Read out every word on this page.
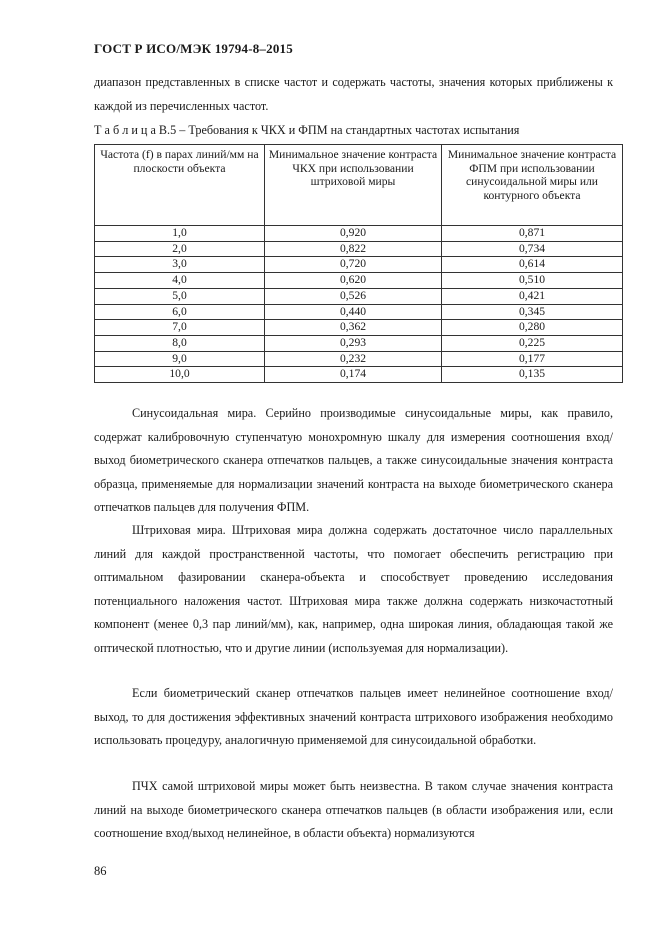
ГОСТ Р ИСО/МЭК 19794-8–2015
диапазон представленных в списке частот и содержать частоты, значения которых приближены к каждой из перечисленных частот.
Т а б л и ц а В.5 – Требования к ЧКХ и ФПМ на стандартных частотах испытания
Частота (f) в парах линий/мм на плоскости объекта	Минимальное значение контраста ЧКХ при использовании штриховой миры	Минимальное значение контраста ФПМ при использовании синусоидальной миры или контурного объекта
1,0	0,920	0,871
2,0	0,822	0,734
3,0	0,720	0,614
4,0	0,620	0,510
5,0	0,526	0,421
6,0	0,440	0,345
7,0	0,362	0,280
8,0	0,293	0,225
9,0	0,232	0,177
10,0	0,174	0,135
Синусоидальная мира. Серийно производимые синусоидальные миры, как правило, содержат калибровочную ступенчатую монохромную шкалу для измерения соотношения вход/выход биометрического сканера отпечатков пальцев, а также синусоидальные значения контраста образца, применяемые для нормализации значений контраста на выходе биометрического сканера отпечатков пальцев для получения ФПМ.
Штриховая мира. Штриховая мира должна содержать достаточное число параллельных линий для каждой пространственной частоты, что помогает обеспечить регистрацию при оптимальном фазировании сканера-объекта и способствует проведению исследования потенциального наложения частот. Штриховая мира также должна содержать низкочастотный компонент (менее 0,3 пар линий/мм), как, например, одна широкая линия, обладающая такой же оптической плотностью, что и другие линии (используемая для нормализации).
Если биометрический сканер отпечатков пальцев имеет нелинейное соотношение вход/выход, то для достижения эффективных значений контраста штрихового изображения необходимо использовать процедуру, аналогичную применяемой для синусоидальной обработки.
ПЧХ самой штриховой миры может быть неизвестна. В таком случае значения контраста линий на выходе биометрического сканера отпечатков пальцев (в области изображения или, если соотношение вход/выход нелинейное, в области объекта) нормализуются
86
